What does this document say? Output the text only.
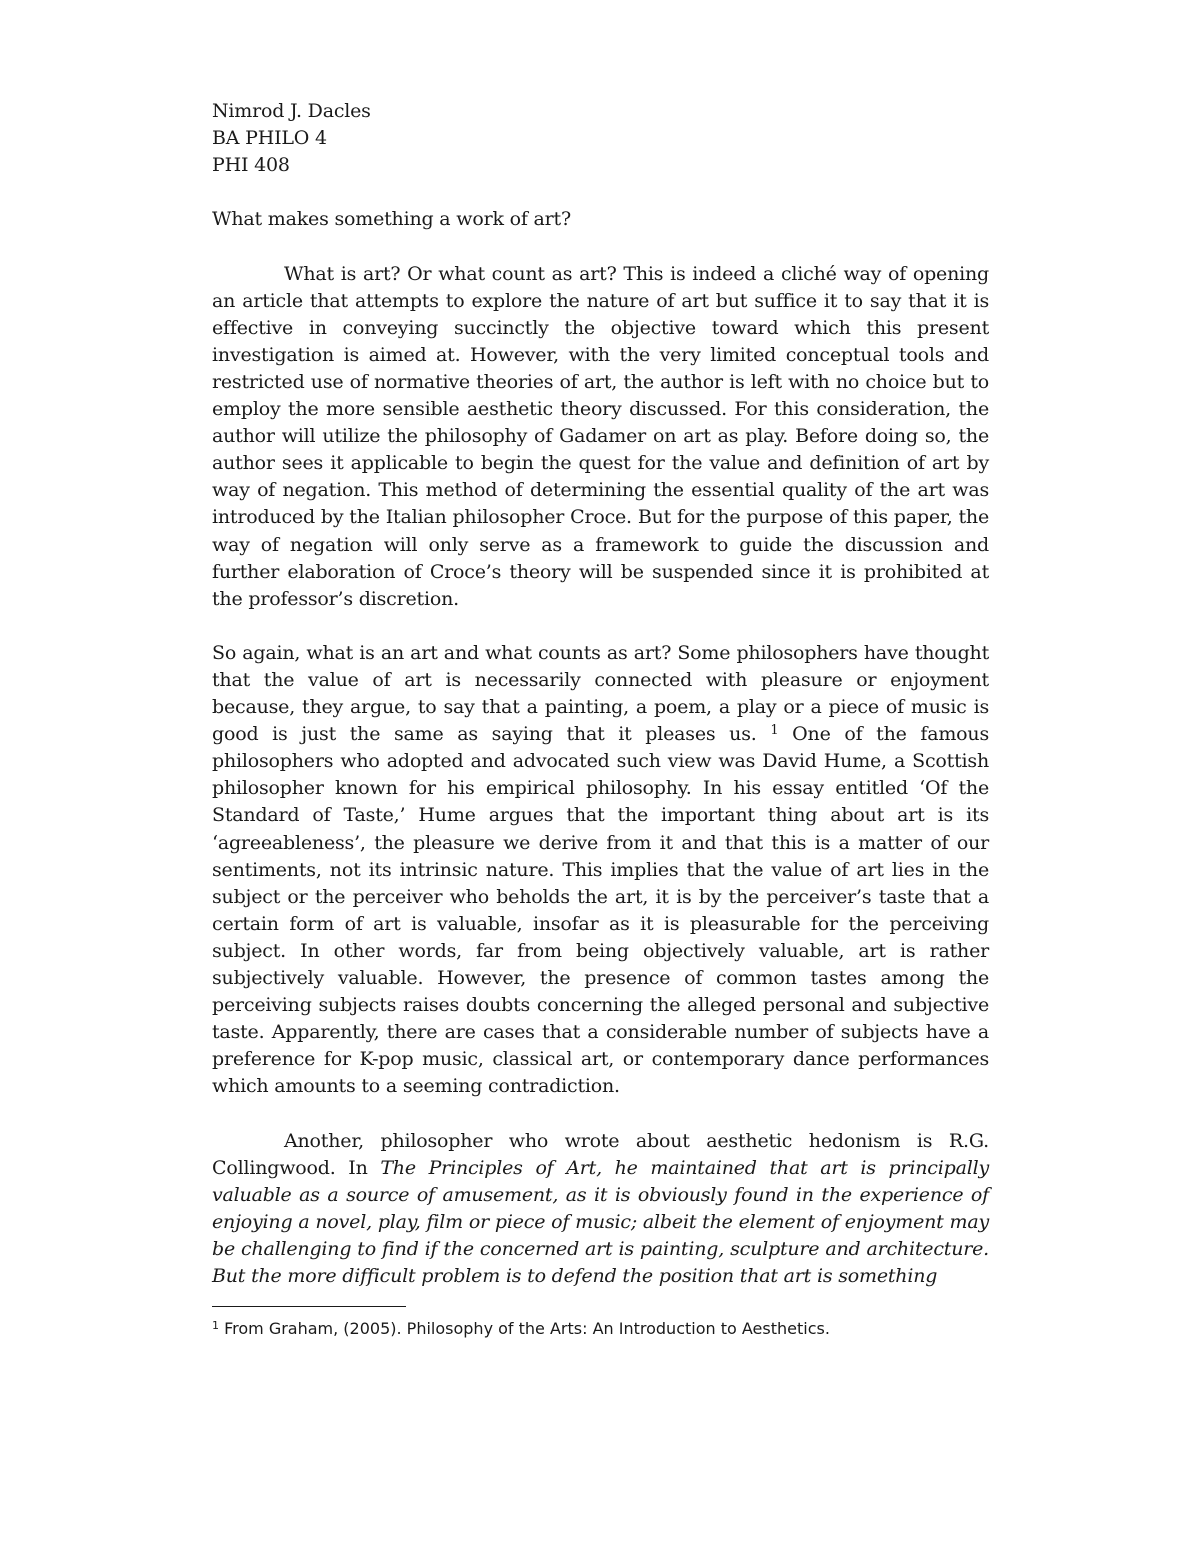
Nimrod J. Dacles
BA PHILO 4
PHI 408

What makes something a work of art?

What is art? Or what count as art? This is indeed a cliché way of opening an article that attempts to explore the nature of art but suffice it to say that it is effective in conveying succinctly the objective toward which this present investigation is aimed at. However, with the very limited conceptual tools and restricted use of normative theories of art, the author is left with no choice but to employ the more sensible aesthetic theory discussed. For this consideration, the author will utilize the philosophy of Gadamer on art as play. Before doing so, the author sees it applicable to begin the quest for the value and definition of art by way of negation. This method of determining the essential quality of the art was introduced by the Italian philosopher Croce. But for the purpose of this paper, the way of negation will only serve as a framework to guide the discussion and further elaboration of Croce’s theory will be suspended since it is prohibited at the professor’s discretion.

So again, what is an art and what counts as art? Some philosophers have thought that the value of art is necessarily connected with pleasure or enjoyment because, they argue, to say that a painting, a poem, a play or a piece of music is good is just the same as saying that it pleases us. $^1$ One of the famous philosophers who adopted and advocated such view was David Hume, a Scottish philosopher known for his empirical philosophy. In his essay entitled ‘Of the Standard of Taste,’ Hume argues that the important thing about art is its ‘agreeableness’, the pleasure we derive from it and that this is a matter of our sentiments, not its intrinsic nature. This implies that the value of art lies in the subject or the perceiver who beholds the art, it is by the perceiver’s taste that a certain form of art is valuable, insofar as it is pleasurable for the perceiving subject. In other words, far from being objectively valuable, art is rather subjectively valuable. However, the presence of common tastes among the perceiving subjects raises doubts concerning the alleged personal and subjective taste. Apparently, there are cases that a considerable number of subjects have a preference for K-pop music, classical art, or contemporary dance performances which amounts to a seeming contradiction.

Another, philosopher who wrote about aesthetic hedonism is R.G. Collingwood. In The Principles of Art, he maintained that art is principally valuable as a source of amusement, as it is obviously found in the experience of enjoying a novel, play, film or piece of music; albeit the element of enjoyment may be challenging to find if the concerned art is painting, sculpture and architecture. But the more difficult problem is to defend the position that art is something

$^1$ From Graham, (2005). Philosophy of the Arts: An Introduction to Aesthetics.
